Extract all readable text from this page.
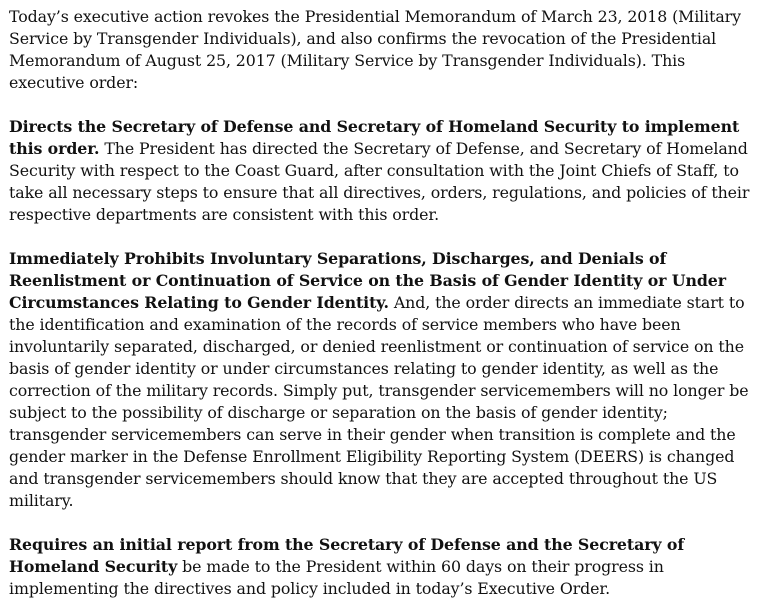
Today’s executive action revokes the Presidential Memorandum of March 23, 2018 (Military Service by Transgender Individuals), and also confirms the revocation of the Presidential Memorandum of August 25, 2017 (Military Service by Transgender Individuals). This executive order:

Directs the Secretary of Defense and Secretary of Homeland Security to implement this order. The President has directed the Secretary of Defense, and Secretary of Homeland Security with respect to the Coast Guard, after consultation with the Joint Chiefs of Staff, to take all necessary steps to ensure that all directives, orders, regulations, and policies of their respective departments are consistent with this order.

Immediately Prohibits Involuntary Separations, Discharges, and Denials of Reenlistment or Continuation of Service on the Basis of Gender Identity or Under Circumstances Relating to Gender Identity. And, the order directs an immediate start to the identification and examination of the records of service members who have been involuntarily separated, discharged, or denied reenlistment or continuation of service on the basis of gender identity or under circumstances relating to gender identity, as well as the correction of the military records. Simply put, transgender servicemembers will no longer be subject to the possibility of discharge or separation on the basis of gender identity; transgender servicemembers can serve in their gender when transition is complete and the gender marker in the Defense Enrollment Eligibility Reporting System (DEERS) is changed and transgender servicemembers should know that they are accepted throughout the US military.

Requires an initial report from the Secretary of Defense and the Secretary of Homeland Security be made to the President within 60 days on their progress in implementing the directives and policy included in today’s Executive Order.
